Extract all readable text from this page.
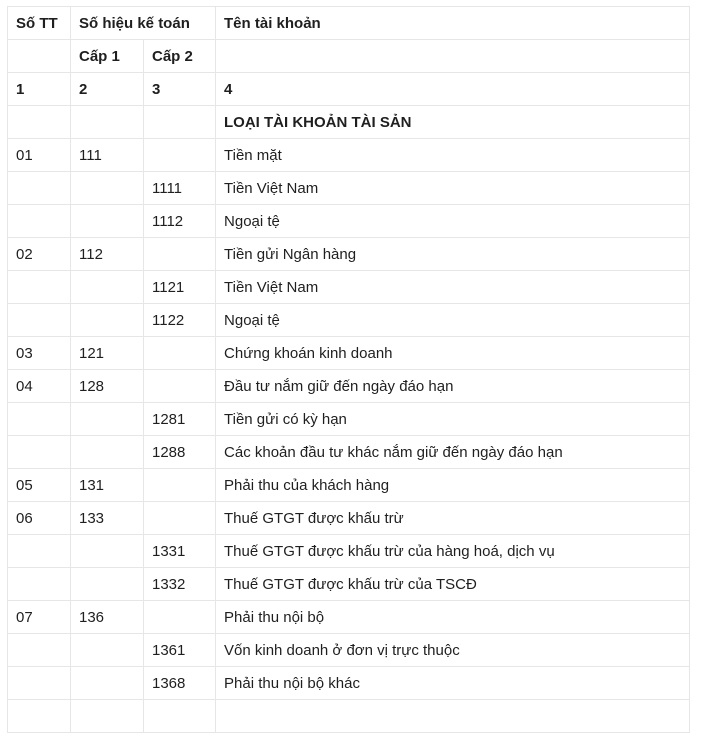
Số TT	Số hiệu kế toán		Tên tài khoản
	Cấp 1	Cấp 2	
1	2	3	4
			LOẠI TÀI KHOẢN TÀI SẢN
01	111		Tiền mặt
		1111	Tiền Việt Nam
		1112	Ngoại tệ
02	112		Tiền gửi Ngân hàng
		1121	Tiền Việt Nam
		1122	Ngoại tệ
03	121		Chứng khoán kinh doanh
04	128		Đầu tư nắm giữ đến ngày đáo hạn
		1281	Tiền gửi có kỳ hạn
		1288	Các khoản đầu tư khác nắm giữ đến ngày đáo hạn
05	131		Phải thu của khách hàng
06	133		Thuế GTGT được khấu trừ
		1331	Thuế GTGT được khấu trừ của hàng hoá, dịch vụ
		1332	Thuế GTGT được khấu trừ của TSCĐ
07	136		Phải thu nội bộ
		1361	Vốn kinh doanh ở đơn vị trực thuộc
		1368	Phải thu nội bộ khác
